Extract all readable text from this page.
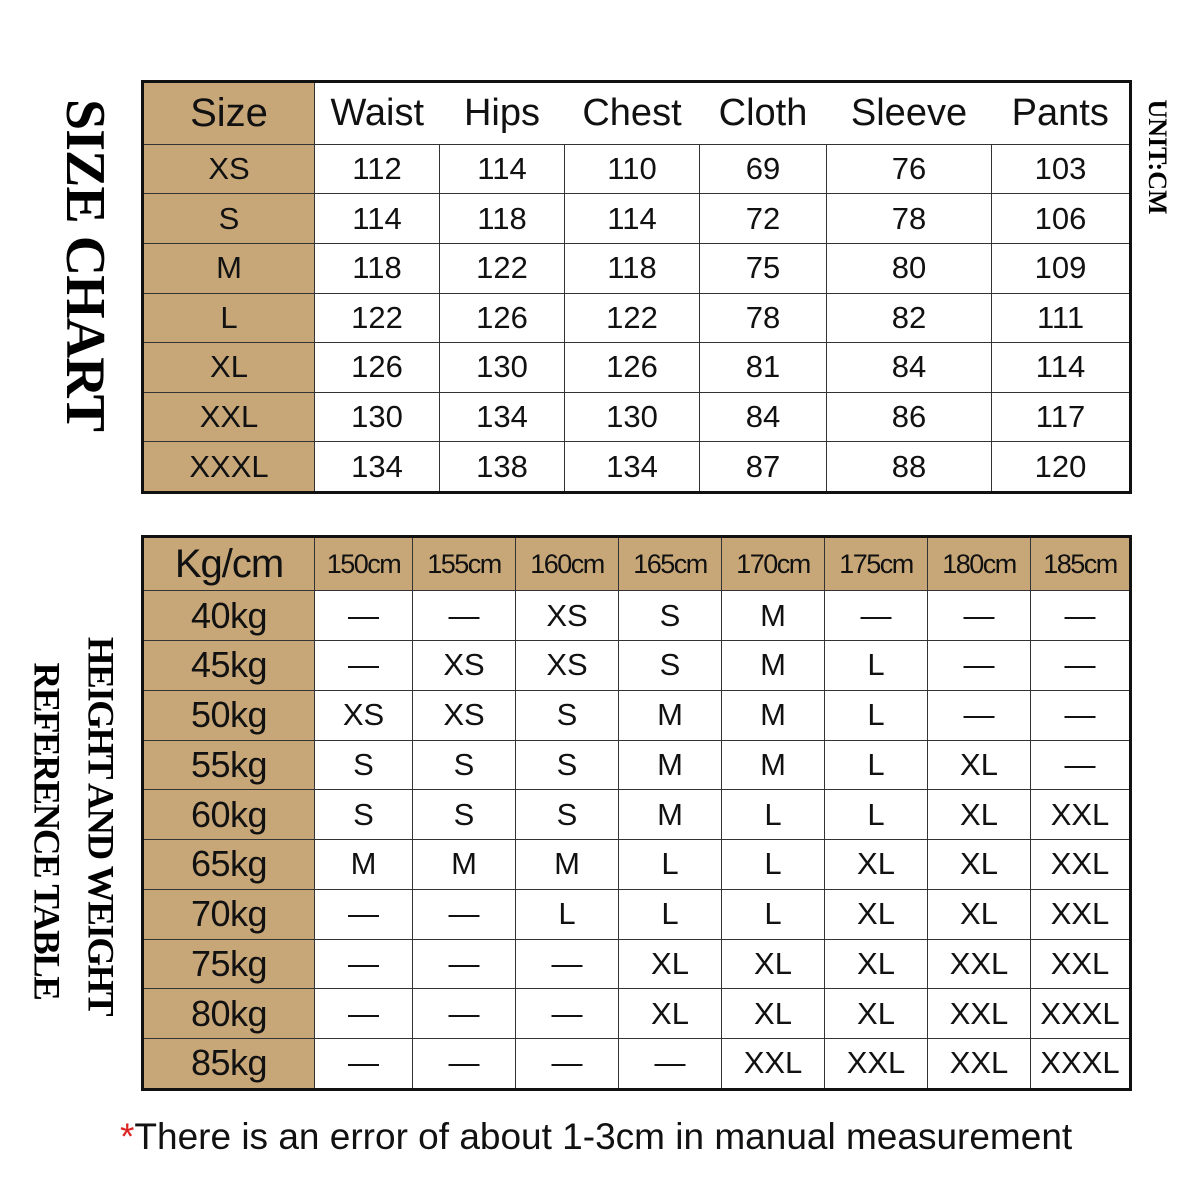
SIZE CHART	UNIT:CM
Size	Waist	Hips	Chest	Cloth	Sleeve	Pants
XS	112	114	110	69	76	103
S	114	118	114	72	78	106
M	118	122	118	75	80	109
L	122	126	122	78	82	111
XL	126	130	126	81	84	114
XXL	130	134	130	84	86	117
XXXL	134	138	134	87	88	120
HEIGHT AND WEIGHT
REFERENCE TABLE
Kg/cm	150cm	155cm	160cm	165cm	170cm	175cm	180cm	185cm
40kg	—	—	XS	S	M	—	—	—
45kg	—	XS	XS	S	M	L	—	—
50kg	XS	XS	S	M	M	L	—	—
55kg	S	S	S	M	M	L	XL	—
60kg	S	S	S	M	L	L	XL	XXL
65kg	M	M	M	L	L	XL	XL	XXL
70kg	—	—	L	L	L	XL	XL	XXL
75kg	—	—	—	XL	XL	XL	XXL	XXL
80kg	—	—	—	XL	XL	XL	XXL	XXXL
85kg	—	—	—	—	XXL	XXL	XXL	XXXL
*There is an error of about 1-3cm in manual measurement
